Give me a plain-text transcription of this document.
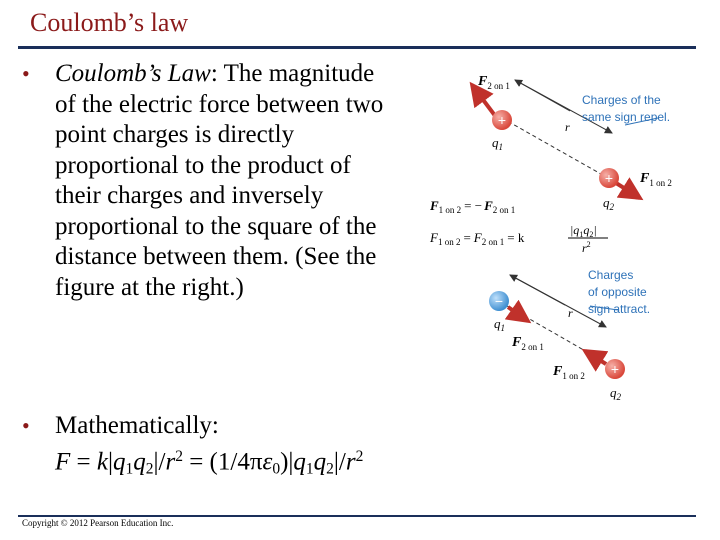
Coulomb’s law
• Coulomb’s Law: The magnitude of the electric force between two point charges is directly proportional to the product of their charges and inversely proportional to the square of the distance between them. (See the figure at the right.)
• Mathematically:
$F = k|q_1q_2|/r^2 = (1/4\pi\varepsilon_0)|q_1q_2|/r^2$
r
+
$q_1$
$F_{2 on 1}$
+
$q_2$
$F_{1 on 2}$
Charges of the
same sign repel.
$F_{1 on 2}$ = − $F_{2 on 1}$
$F_{1 on 2} = F_{2 on 1} = k$	$|q_1q_2|$
$r^2$
r
−
$q_1$
$F_{2 on 1}$
+
$q_2$
$F_{1 on 2}$
Charges
of opposite
sign attract.
Copyright © 2012 Pearson Education Inc.
